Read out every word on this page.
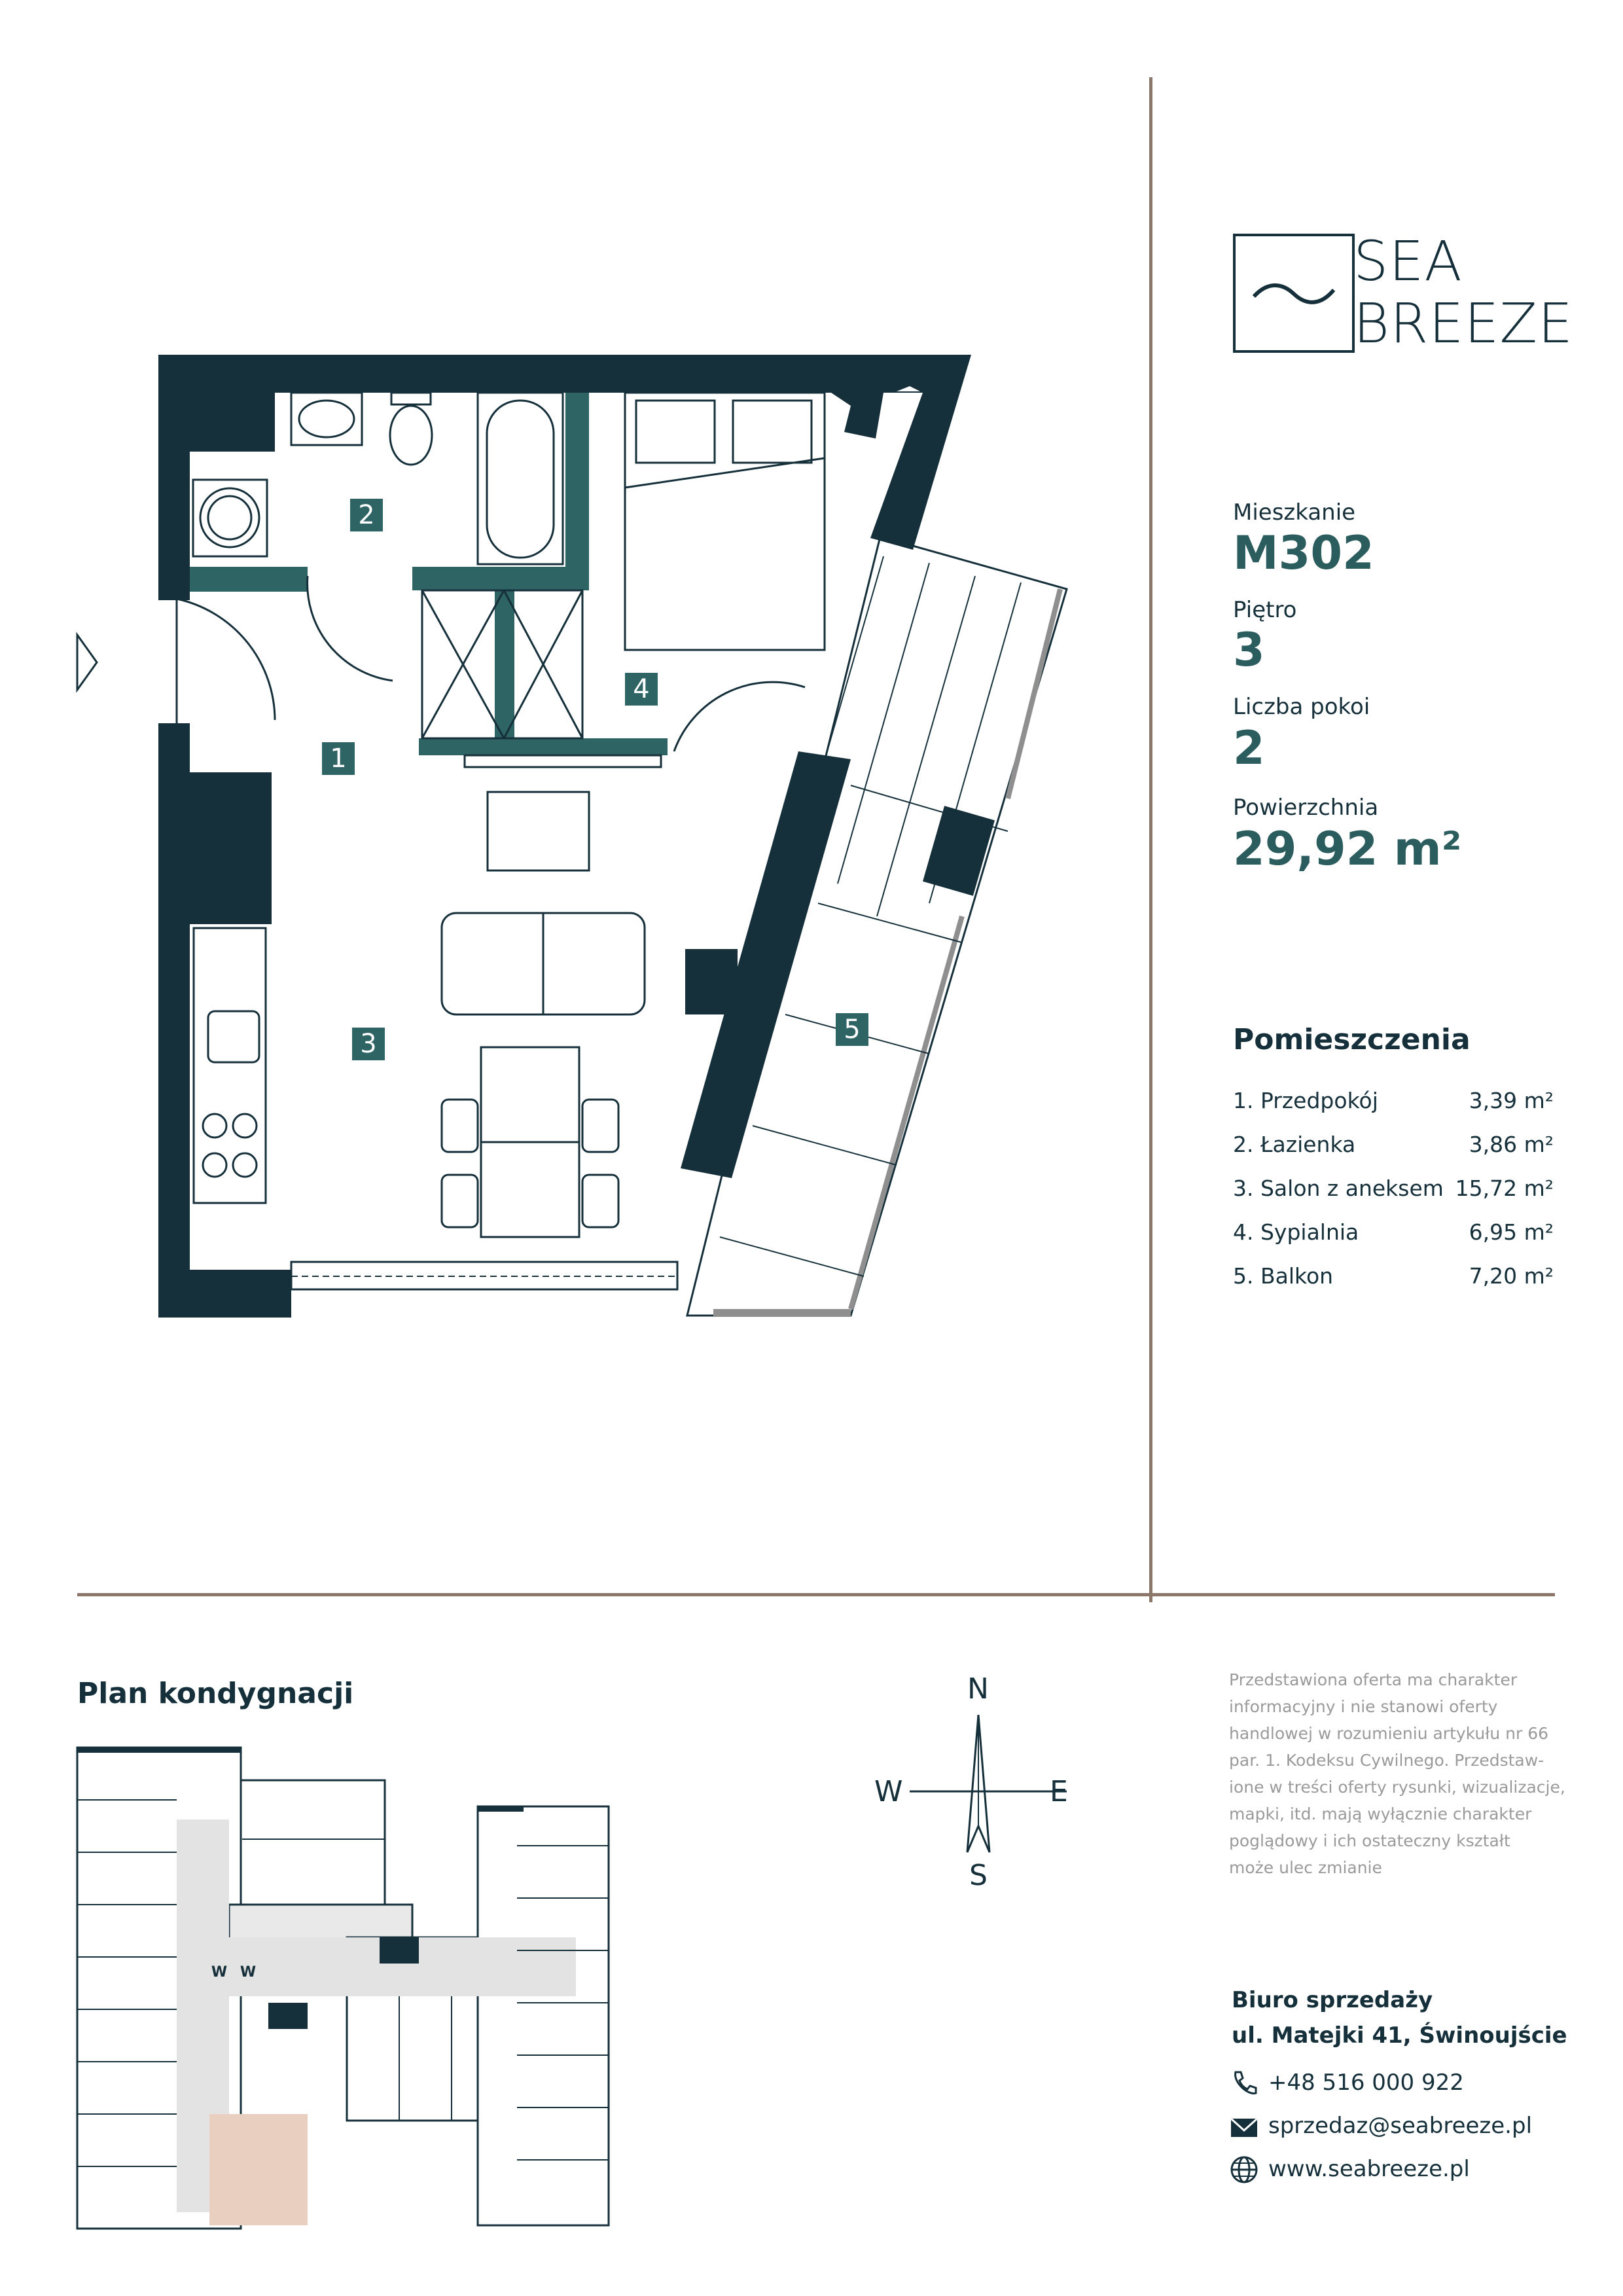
SEA
BREEZE
Mieszkanie
M302
Piętro
3
Liczba pokoi
2
Powierzchnia
29,92 m²
Pomieszczenia
1. Przedpokój	3,39 m²
2. Łazienka	3,86 m²
3. Salon z aneksem 15,72 m²
4. Sypialnia	6,95 m²
5. Balkon	7,20 m²
1
2
3
4
5
Plan kondygnacji
W W
N
S
E
W
Przedstawiona oferta ma charakter
informacyjny i nie stanowi oferty
handlowej w rozumieniu artykułu nr 66
par. 1. Kodeksu Cywilnego. Przedstaw-
ione w treści oferty rysunki, wizualizacje,
mapki, itd. mają wyłącznie charakter
poglądowy i ich ostateczny kształt
może ulec zmianie
Biuro sprzedaży
ul. Matejki 41, Świnoujście
+48 516 000 922
sprzedaz@seabreeze.pl
www.seabreeze.pl
